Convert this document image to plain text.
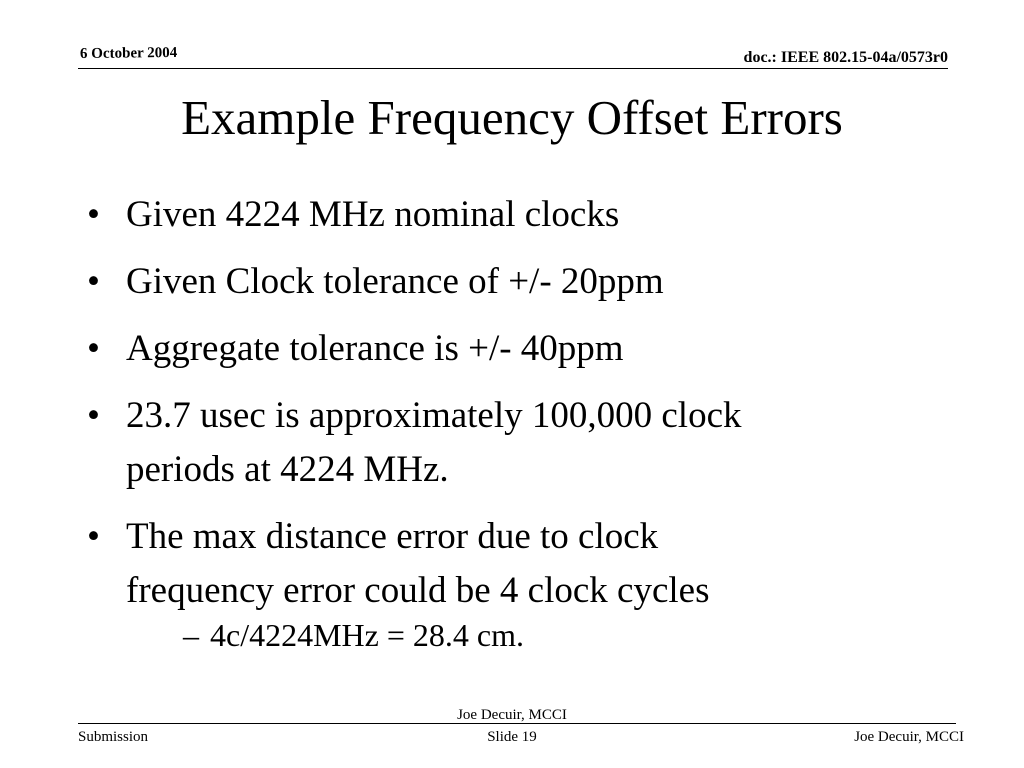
6 October 2004	doc.: IEEE 802.15-04a/0573r0
Example Frequency Offset Errors
• Given 4224 MHz nominal clocks
• Given Clock tolerance of +/- 20ppm
• Aggregate tolerance is +/- 40ppm
• 23.7 usec is approximately 100,000 clock
periods at 4224 MHz.
• The max distance error due to clock
frequency error could be 4 clock cycles
– 4c/4224MHz = 28.4 cm.
Joe Decuir, MCCI
Submission	Slide 19	Joe Decuir, MCCI
